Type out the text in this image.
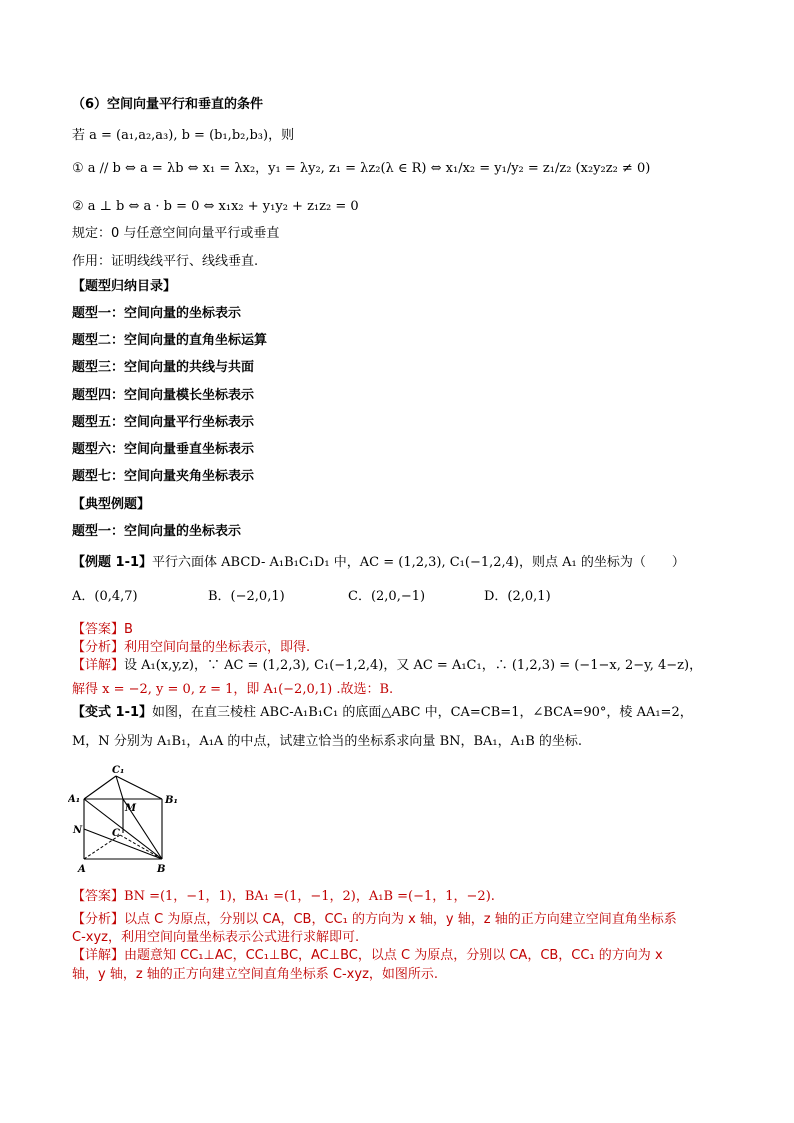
（6）空间向量平行和垂直的条件
若 a = (a₁,a₂,a₃), b = (b₁,b₂,b₃)，则
① a // b ⇔ a = λb ⇔ x₁ = λx₂，y₁ = λy₂, z₁ = λz₂(λ ∈ R) ⇔ x₁/x₂ = y₁/y₂ = z₁/z₂ (x₂y₂z₂ ≠ 0)
② a ⊥ b ⇔ a · b = 0 ⇔ x₁x₂ + y₁y₂ + z₁z₂ = 0
规定：0 与任意空间向量平行或垂直
作用：证明线线平行、线线垂直.
【题型归纳目录】
题型一：空间向量的坐标表示
题型二：空间向量的直角坐标运算
题型三：空间向量的共线与共面
题型四：空间向量模长坐标表示
题型五：空间向量平行坐标表示
题型六：空间向量垂直坐标表示
题型七：空间向量夹角坐标表示
【典型例题】
题型一：空间向量的坐标表示
【例题 1-1】平行六面体 ABCD- A₁B₁C₁D₁ 中，AC = (1,2,3), C₁(−1,2,4)，则点 A₁ 的坐标为（　　）
A．(0,4,7)	B．(−2,0,1)	C．(2,0,−1)	D．(2,0,1)
【答案】B
【分析】利用空间向量的坐标表示，即得.
【详解】设 A₁(x,y,z)，∵ AC = (1,2,3), C₁(−1,2,4)，又 AC = A₁C₁，∴ (1,2,3) = (−1−x, 2−y, 4−z)，
解得 x = −2, y = 0, z = 1，即 A₁(−2,0,1) .故选：B.
【变式 1-1】如图，在直三棱柱 ABC-A₁B₁C₁ 的底面△ABC 中，CA=CB=1，∠BCA=90°，棱 AA₁=2，
M，N 分别为 A₁B₁，A₁A 的中点，试建立恰当的坐标系求向量 BN，BA₁，A₁B 的坐标.
C₁
A₁	B₁
M
N	C
A	B
【答案】BN =(1，−1，1)，BA₁ =(1，−1，2)，A₁B =(−1，1，−2).
【分析】以点 C 为原点，分别以 CA，CB，CC₁ 的方向为 x 轴，y 轴，z 轴的正方向建立空间直角坐标系
C-xyz，利用空间向量坐标表示公式进行求解即可.
【详解】由题意知 CC₁⊥AC，CC₁⊥BC，AC⊥BC，以点 C 为原点，分别以 CA，CB，CC₁ 的方向为 x
轴，y 轴，z 轴的正方向建立空间直角坐标系 C-xyz，如图所示.
